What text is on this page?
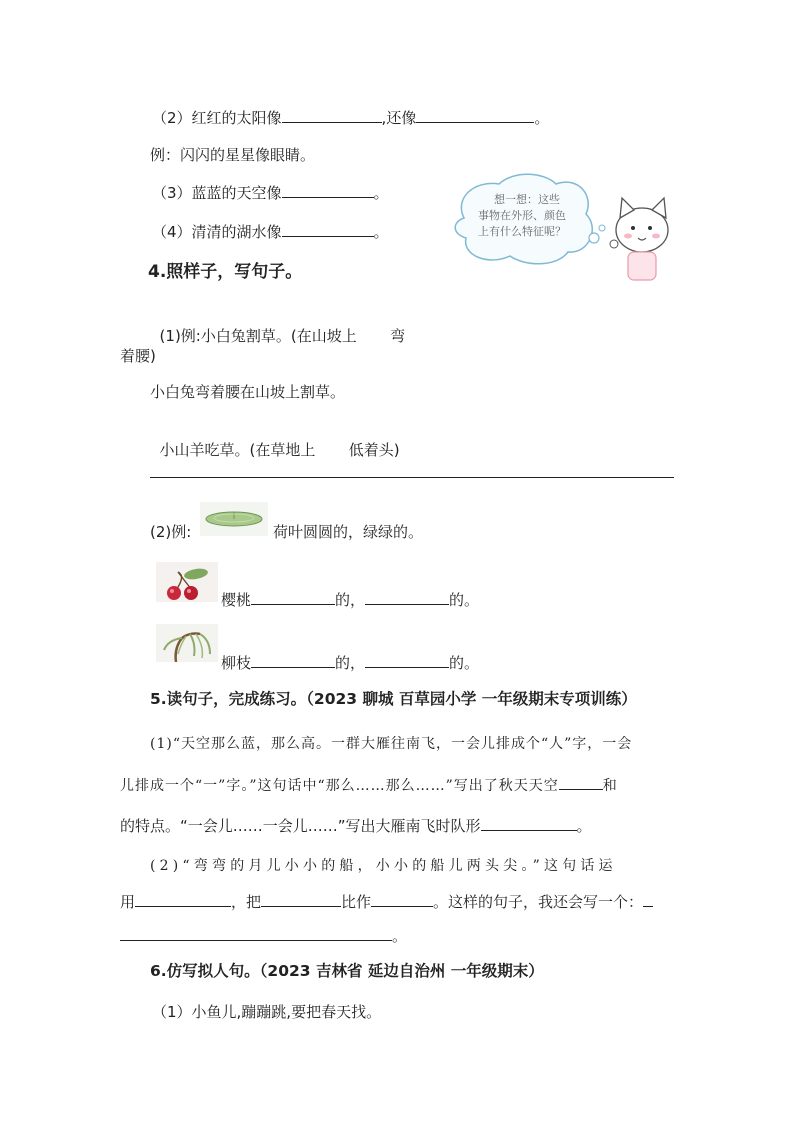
（2）红红的太阳像	,还像	。
例：闪闪的星星像眼睛。
（3）蓝蓝的天空像	。
（4）清清的湖水像	。
想一想：这些
事物在外形、颜色
上有什么特征呢？
4.照样子，写句子。

(1)例:小白兔割草。(在山坡上       弯

着腰)
小白兔弯着腰在山坡上割草。

小山羊吃草。(在草地上       低着头)

(2)例:	荷叶圆圆的，绿绿的。
樱桃	的，	的。
柳枝	的，	的。
5.读句子，完成练习。（2023 聊城 百草园小学 一年级期末专项训练）
(1)“天空那么蓝，那么高。一群大雁往南飞，一会儿排成个“人”字，一会
儿排成一个“一”字。”这句话中“那么……那么……”写出了秋天天空	和
的特点。“一会儿……一会儿……”写出大雁南飞时队形	。
(2)“弯弯的月儿小小的船，小小的船儿两头尖。”这句话运
用	，把	比作	。这样的句子，我还会写一个：
。
6.仿写拟人句。（2023 吉林省 延边自治州 一年级期末）
（1）小鱼儿,蹦蹦跳,要把春天找。
